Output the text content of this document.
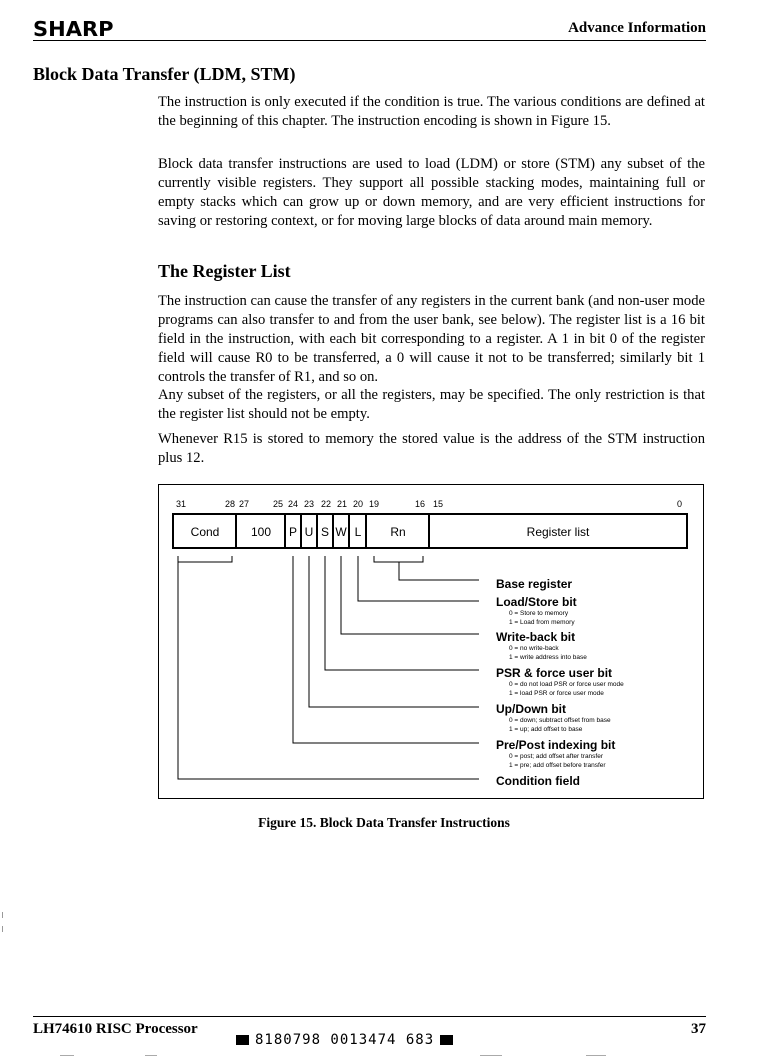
SHARP	Advance Information
Block Data Transfer (LDM, STM)

The instruction is only executed if the condition is true. The various conditions are defined at the beginning of this chapter. The instruction encoding is shown in Figure 15.

Block data transfer instructions are used to load (LDM) or store (STM) any subset of the currently visible registers. They support all possible stacking modes, maintaining full or empty stacks which can grow up or down memory, and are very efficient instructions for saving or restoring context, or for moving large blocks of data around main memory.

The Register List

The instruction can cause the transfer of any registers in the current bank (and non-user mode programs can also transfer to and from the user bank, see below). The register list is a 16 bit field in the instruction, with each bit corresponding to a register. A 1 in bit 0 of the register field will cause R0 to be transferred, a 0 will cause it not to be transferred; similarly bit 1 controls the transfer of R1, and so on.

Any subset of the registers, or all the registers, may be specified. The only restriction is that the register list should not be empty.

Whenever R15 is stored to memory the stored value is the address of the STM instruction plus 12.

31	28 27	25 24 23 22 21 20 19	16 15	0
Cond	100 P U S W L Rn	Register list
Base register
Load/Store bit
0 = Store to memory
1 = Load from memory
Write-back bit
0 = no write-back
1 = write address into base
PSR & force user bit
0 = do not load PSR or force user mode
1 = load PSR or force user mode
Up/Down bit
0 = down; subtract offset from base
1 = up; add offset to base
Pre/Post indexing bit
0 = post; add offset after transfer
1 = pre; add offset before transfer
Condition field
Figure 15. Block Data Transfer Instructions
LH74610 RISC Processor	37
8180798 0013474 683
